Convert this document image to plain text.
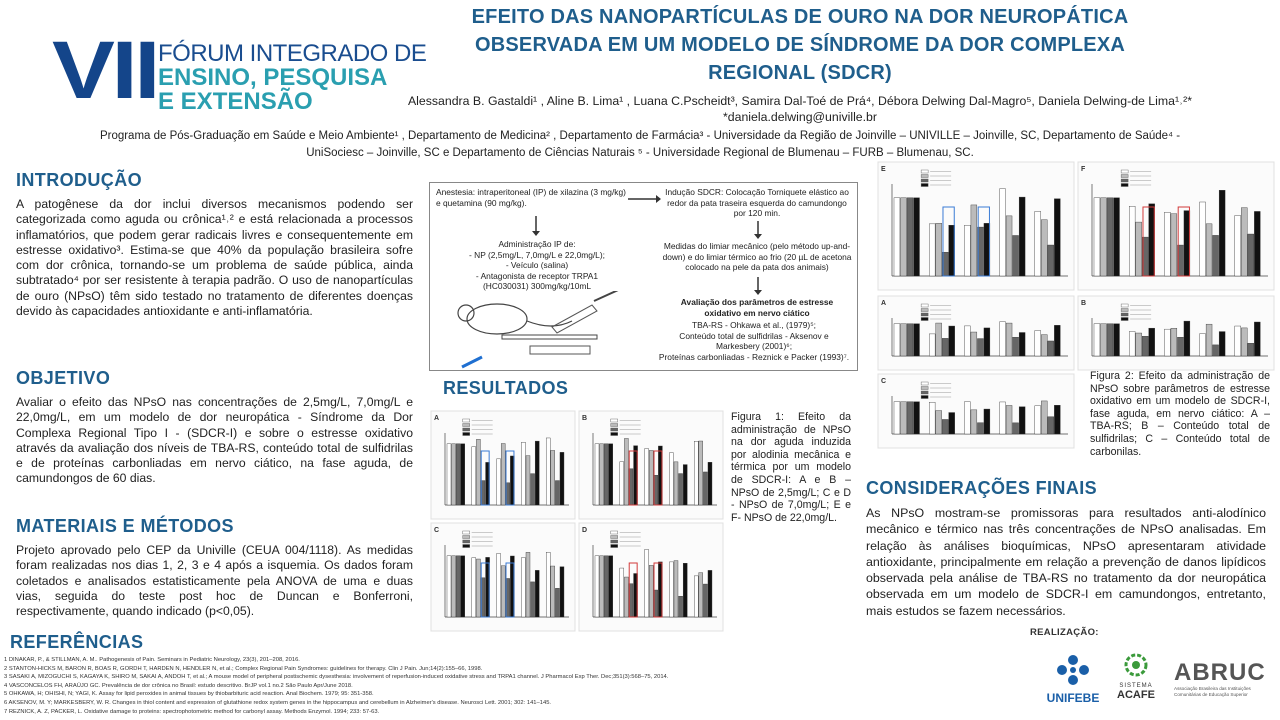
VII FÓRUM INTEGRADO DE
ENSINO, PESQUISA
E EXTENSÃO
EFEITO DAS NANOPARTÍCULAS DE OURO NA DOR NEUROPÁTICA
OBSERVADA EM UM MODELO DE SÍNDROME DA DOR COMPLEXA
REGIONAL (SDCR)
Alessandra B. Gastaldi¹ , Aline B. Lima¹ , Luana C.Pscheidt³, Samira Dal-Toé de Prá⁴, Débora Delwing Dal-Magro⁵, Daniela Delwing-de Lima¹˒²*
*daniela.delwing@univille.br
Programa de Pós-Graduação em Saúde e Meio Ambiente¹ , Departamento de Medicina² , Departamento de Farmácia³ - Universidade da Região de Joinville – UNIVILLE – Joinville, SC, Departamento de Saúde⁴ -
UniSociesc – Joinville, SC e Departamento de Ciências Naturais ⁵ - Universidade Regional de Blumenau – FURB – Blumenau, SC.
INTRODUÇÃO
A patogênese da dor inclui diversos mecanismos podendo ser categorizada como aguda ou crônica¹˒² e está relacionada a processos inflamatórios, que podem gerar radicais livres e consequentemente em estresse oxidativo³. Estima-se que 40% da população brasileira sofre com dor crônica, tornando-se um problema de saúde pública, ainda subtratado⁴ por ser resistente à terapia padrão. O uso de nanopartículas de ouro (NPsO) têm sido testado no tratamento de diferentes doenças devido às capacidades antioxidante e anti-inflamatória.
OBJETIVO
Avaliar o efeito das NPsO nas concentrações de 2,5mg/L, 7,0mg/L e 22,0mg/L, em um modelo de dor neuropática - Síndrome da Dor Complexa Regional Tipo I - (SDCR-I) e sobre o estresse oxidativo através da avaliação dos níveis de TBA-RS, conteúdo total de sulfidrilas e de proteínas carbonliadas em nervo ciático, na fase aguda, de camundongos de 60 dias.
MATERIAIS E MÉTODOS
Projeto aprovado pelo CEP da Univille (CEUA 004/1118). As medidas foram realizadas nos dias 1, 2, 3 e 4 após a isquemia. Os dados foram coletados e analisados estatisticamente pela ANOVA de uma e duas vias, seguida do teste post hoc de Duncan e Bonferroni, respectivamente, quando indicado (p<0,05).
REFERÊNCIAS
1 DINAKAR, P., & STILLMAN, A. M.. Pathogenesis of Pain. Seminars in Pediatric Neurology, 23(3), 201–208, 2016.
2 STANTON-HICKS M, BARON R, BOAS R, GORDH T, HARDEN N, HENDLER N, et al.; Complex Regional Pain Syndromes: guidelines for therapy. Clin J Pain. Jun;14(2):155–66, 1998.
3 SASAKI A, MIZOGUCHI S, KAGAYA K, SHIRO M, SAKAI A, ANDOH T, et al.; A mouse model of peripheral postischemic dysesthesia: involvement of reperfusion-induced oxidative stress and TRPA1 channel. J Pharmacol Exp Ther. Dec;351(3):568–75, 2014.
4 VASCONCELOS FH, ARAÚJO GC. Prevalência de dor crônica no Brasil: estudo descritivo. BrJP vol.1 no.2 São Paulo Apr/June 2018.
5 OHKAWA, H; OHISHI, N; YAGI, K. Assay for lipid peroxides in animal tissues by thiobarbituric acid reaction. Anal Biochem. 1979; 95: 351-358.
6 AKSENOV, M. Y; MARKESBERY, W. R. Changes in thiol content and expression of glutathione redox system genes in the hippocampus and cerebellum in Alzheimer's disease. Neurosci Lett. 2001; 302: 141–145.
7 REZNICK, A. Z, PACKER, L. Oxidative damage to proteins: spectrophotometric method for carbonyl assay. Methods Enzymol. 1994; 233: 57-63.
Anestesia: intraperitoneal (IP) de xilazina (3 mg/kg) e quetamina (90 mg/kg).
Indução SDCR: Colocação Torniquete elástico ao redor da pata traseira esquerda do camundongo por 120 min.
Administração IP de:
- NP (2,5mg/L, 7,0mg/L e 22,0mg/L);
- Veículo (salina)
- Antagonista de receptor TRPA1
(HC030031) 300mg/kg/10mL
Medidas do limiar mecânico (pelo método up-and-down) e do limiar térmico ao frio (20 µL de acetona colocado na pele da pata dos animais)
Avaliação dos parâmetros de estresse oxidativo em nervo ciático
TBA-RS - Ohkawa et al., (1979)⁵;
Conteúdo total de sulfidrilas - Aksenov e
Markesbery (2001)⁶;
Proteínas carbonliadas - Reznick e Packer (1993)⁷.
RESULTADOS
A	B
C	D
Figura 1: Efeito da administração de NPsO na dor aguda induzida por alodinia mecânica e térmica por um modelo de SDCR-I: A e B – NPsO de 2,5mg/L; C e D - NPsO de 7,0mg/L; E e F- NPsO de 22,0mg/L.
E	F
A	B
C	Figura 2: Efeito da administração de NPsO sobre parâmetros de estresse oxidativo em um modelo de SDCR-I, fase aguda, em nervo ciático: A – TBA-RS; B – Conteúdo total de sulfidrilas; C – Conteúdo total de carbonilas.
CONSIDERAÇÕES FINAIS
As NPsO mostram-se promissoras para resultados anti-alodínico mecânico e térmico nas três concentrações de NPsO analisadas. Em relação às análises bioquímicas, NPsO apresentaram atividade antioxidante, principalmente em relação a prevenção de danos lipídicos observada pela análise de TBA-RS no tratamento da dor neuropática observada em um modelo de SDCR-I em camundongos, entretanto, mais estudos se fazem necessários.
REALIZAÇÃO:
UNIFEBE
SISTEMA
ACAFE
ABRUC
Associação Brasileira das Instituições Comunitárias de Educação Superior
